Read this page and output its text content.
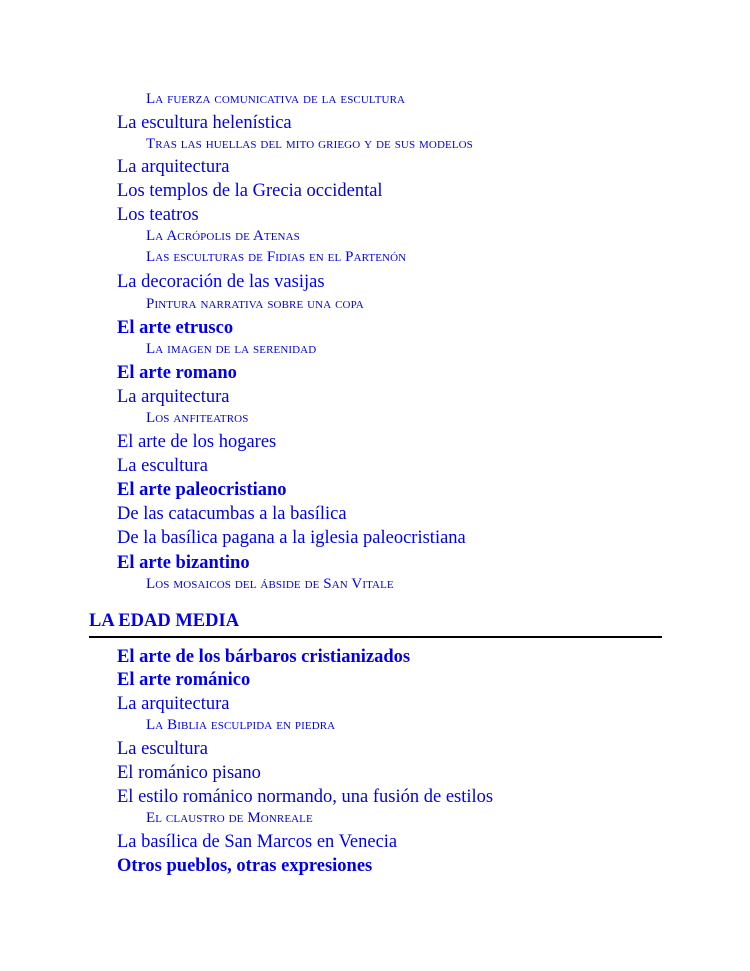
La fuerza comunicativa de la escultura
La escultura helenística
Tras las huellas del mito griego y de sus modelos
La arquitectura
Los templos de la Grecia occidental
Los teatros
La Acrópolis de Atenas
Las esculturas de Fidias en el Partenón
La decoración de las vasijas
Pintura narrativa sobre una copa
El arte etrusco
La imagen de la serenidad
El arte romano
La arquitectura
Los anfiteatros
El arte de los hogares
La escultura
El arte paleocristiano
De las catacumbas a la basílica
De la basílica pagana a la iglesia paleocristiana
El arte bizantino
Los mosaicos del ábside de San Vitale
LA EDAD MEDIA
El arte de los bárbaros cristianizados
El arte románico
La arquitectura
La Biblia esculpida en piedra
La escultura
El románico pisano
El estilo románico normando, una fusión de estilos
El claustro de Monreale
La basílica de San Marcos en Venecia
Otros pueblos, otras expresiones
